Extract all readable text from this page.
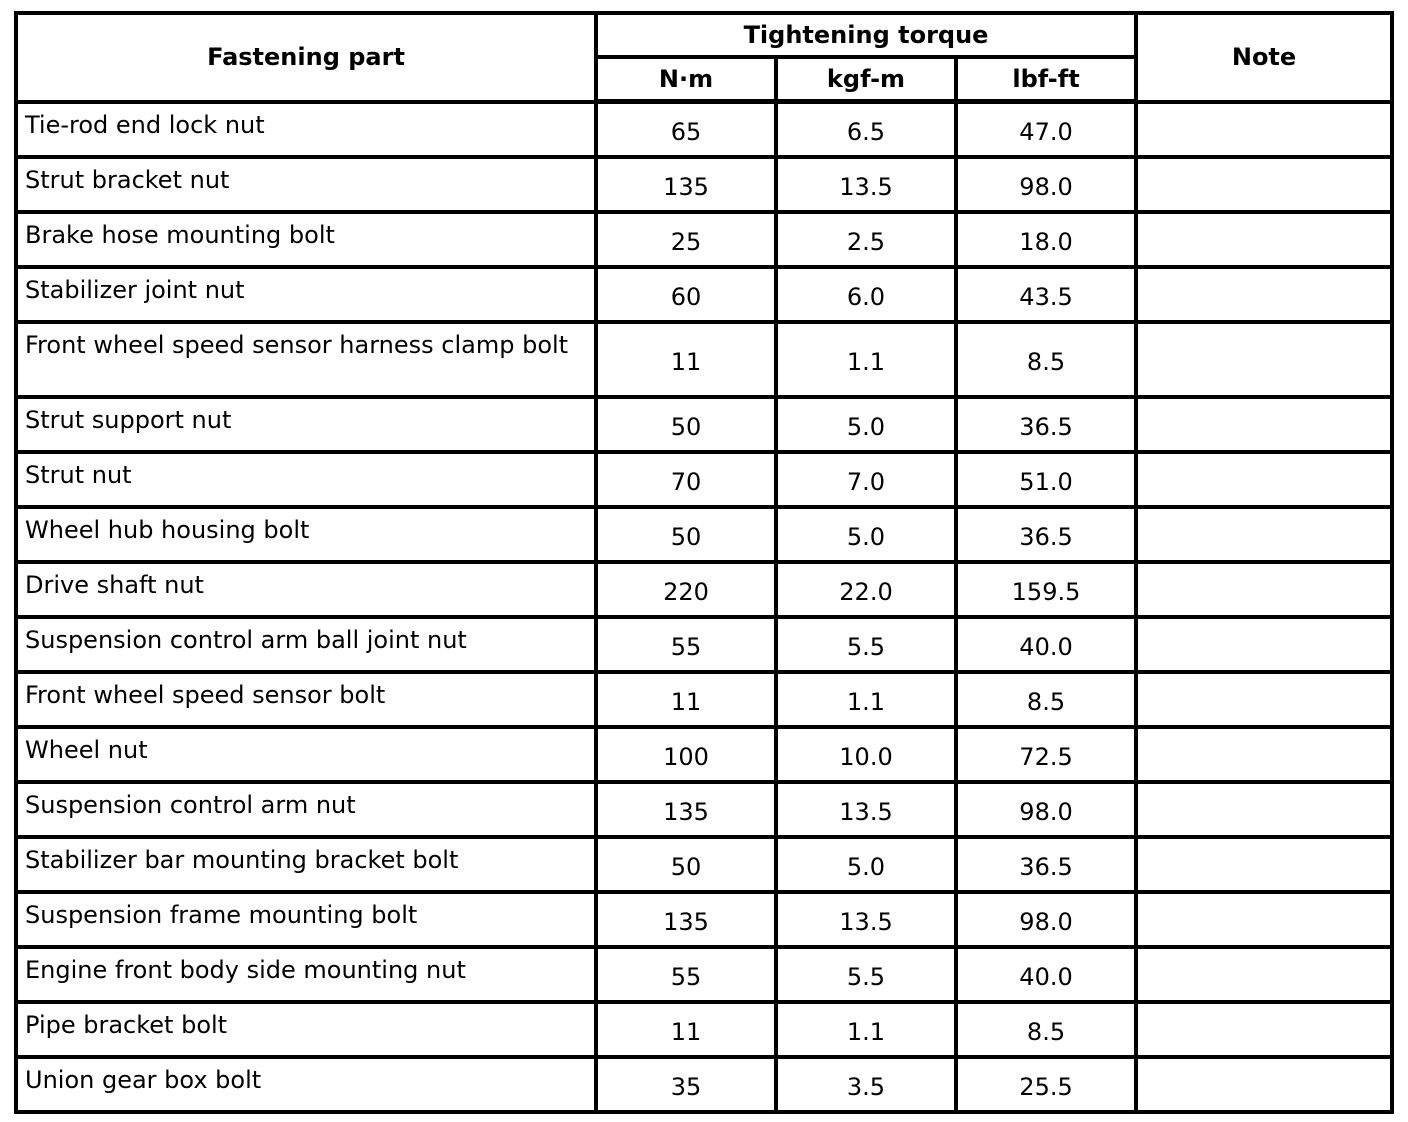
Fastening part	Tightening torque			Note
	N·m	kgf-m	lbf-ft	
Tie-rod end lock nut	65	6.5	47.0	
Strut bracket nut	135	13.5	98.0	
Brake hose mounting bolt	25	2.5	18.0	
Stabilizer joint nut	60	6.0	43.5	
Front wheel speed sensor harness clamp bolt	11	1.1	8.5	
Strut support nut	50	5.0	36.5	
Strut nut	70	7.0	51.0	
Wheel hub housing bolt	50	5.0	36.5	
Drive shaft nut	220	22.0	159.5	
Suspension control arm ball joint nut	55	5.5	40.0	
Front wheel speed sensor bolt	11	1.1	8.5	
Wheel nut	100	10.0	72.5	
Suspension control arm nut	135	13.5	98.0	
Stabilizer bar mounting bracket bolt	50	5.0	36.5	
Suspension frame mounting bolt	135	13.5	98.0	
Engine front body side mounting nut	55	5.5	40.0	
Pipe bracket bolt	11	1.1	8.5	
Union gear box bolt	35	3.5	25.5	
